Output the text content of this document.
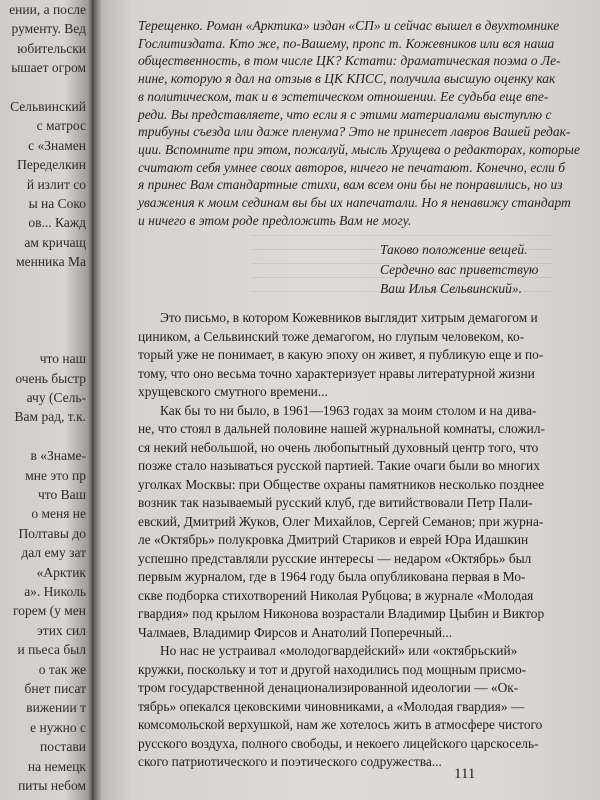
ении, а после
рументу. Вед
юбительски
ышает огром
Сельвинский
с матрос
с «Знамен
Переделкин
й излит со
ы на Соко
ов... Кажд
ам кричащ
менника Ма
что наш
очень быстр
ачу (Сель-
Вам рад, т.к.
в «Знаме-
мне это пр
что Ваш
о меня не
Полтавы до
дал ему зат
«Арктик
а». Николь
горем (у мен
этих сил
и пьеса был
о так же
бнет писат
вижении т
е нужно с
постави
на немецк
питы небом
Терещенко. Роман «Арктика» издан «СП» и сейчас вышел в двухтомнике
Гослитиздата. Кто же, по-Вашему, пропс т. Кожевников или вся наша
общественность, в том числе ЦК? Кстати: драматическая поэма о Ле-
нине, которую я дал на отзыв в ЦК КПСС, получила высшую оценку как
в политическом, так и в эстетическом отношении. Ее судьба еще впе-
реди. Вы представляете, что если я с этими материалами выступлю с
трибуны съезда или даже пленума? Это не принесет лавров Вашей редак-
ции. Вспомните при этом, пожалуй, мысль Хрущева о редакторах, которые
считают себя умнее своих авторов, ничего не печатают. Конечно, если б
я принес Вам стандартные стихи, вам всем они бы не понравились, но из
уважения к моим сединам вы бы их напечатали. Но я ненавижу стандарт
и ничего в этом роде предложить Вам не могу.
Таково положение вещей.
Сердечно вас приветствую
Ваш Илья Сельвинский».
Это письмо, в котором Кожевников выглядит хитрым демагогом и
циником, а Сельвинский тоже демагогом, но глупым человеком, ко-
торый уже не понимает, в какую эпоху он живет, я публикую еще и по-
тому, что оно весьма точно характеризует нравы литературной жизни
хрущевского смутного времени...
Как бы то ни было, в 1961—1963 годах за моим столом и на дива-
не, что стоял в дальней половине нашей журнальной комнаты, сложил-
ся некий небольшой, но очень любопытный духовный центр того, что
позже стало называться русской партией. Такие очаги были во многих
уголках Москвы: при Обществе охраны памятников несколько позднее
возник так называемый русский клуб, где витийствовали Петр Пали-
евский, Дмитрий Жуков, Олег Михайлов, Сергей Семанов; при журна-
ле «Октябрь» полукровка Дмитрий Стариков и еврей Юра Идашкин
успешно представляли русские интересы — недаром «Октябрь» был
первым журналом, где в 1964 году была опубликована первая в Мо-
скве подборка стихотворений Николая Рубцова; в журнале «Молодая
гвардия» под крылом Никонова возрастали Владимир Цыбин и Виктор
Чалмаев, Владимир Фирсов и Анатолий Поперечный...
Но нас не устраивал «молодогвардейский» или «октябрьский»
кружки, поскольку и тот и другой находились под мощным присмо-
тром государственной денационализированной идеологии — «Ок-
тябрь» опекался цековскими чиновниками, а «Молодая гвардия» —
комсомольской верхушкой, нам же хотелось жить в атмосфере чистого
русского воздуха, полного свободы, и некоего лицейского царскосель-
ского патриотического и поэтического содружества...
111
